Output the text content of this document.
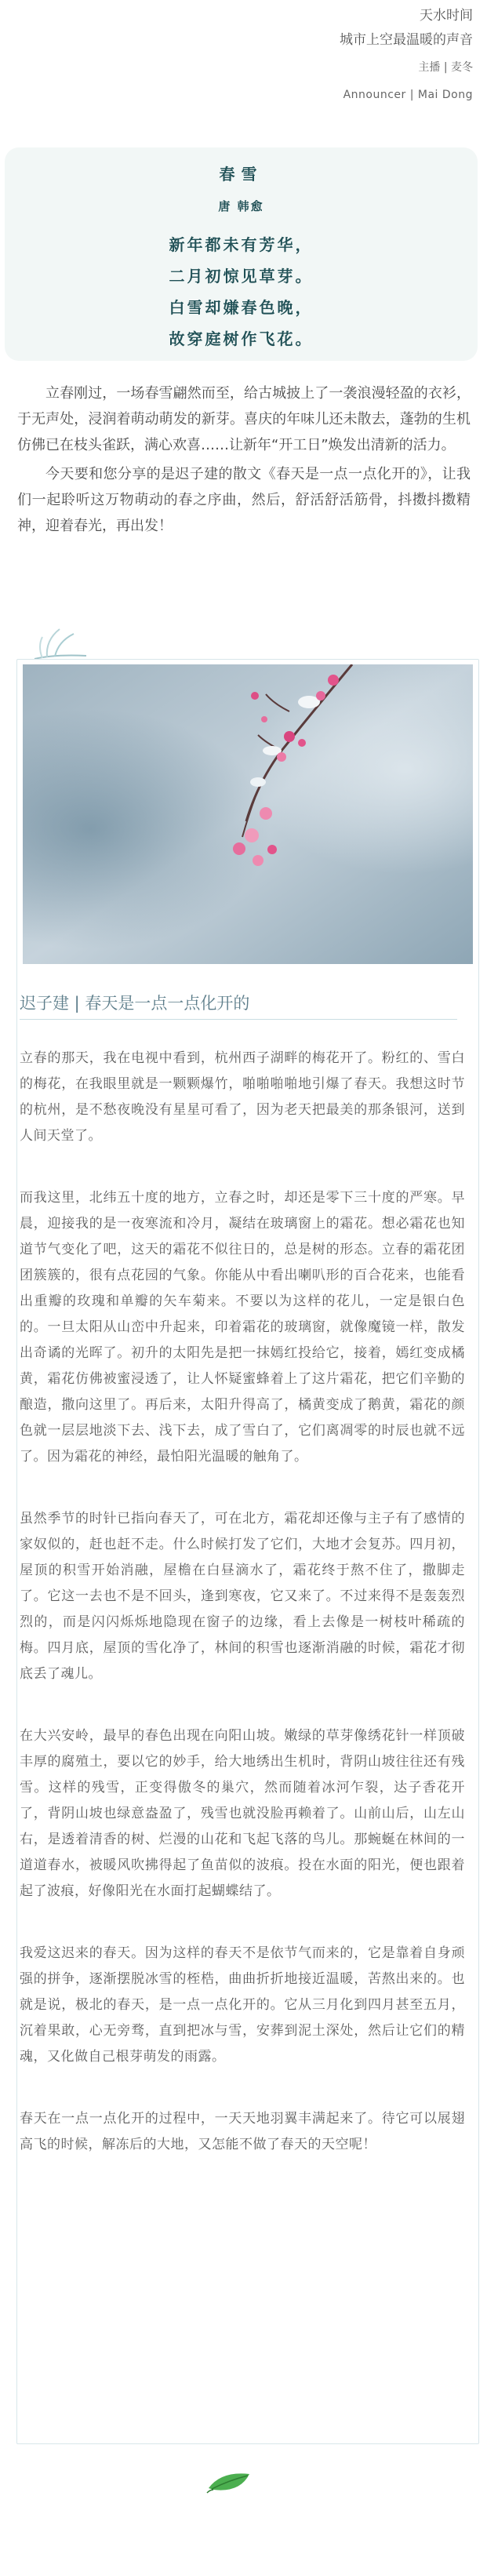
天水时间
城市上空最温暖的声音
主播 | 麦冬
Announcer | Mai Dong
春雪
唐 韩愈
新年都未有芳华，
二月初惊见草芽。
白雪却嫌春色晚，
故穿庭树作飞花。

立春刚过，一场春雪翩然而至，给古城披上了一袭浪漫轻盈的衣衫，于无声处，浸润着萌动萌发的新芽。喜庆的年味儿还未散去，蓬勃的生机仿佛已在枝头雀跃，满心欢喜……让新年“开工日”焕发出清新的活力。

今天要和您分享的是迟子建的散文《春天是一点一点化开的》，让我们一起聆听这万物萌动的春之序曲，然后，舒活舒活筋骨，抖擞抖擞精神，迎着春光，再出发！

迟子建 | 春天是一点一点化开的

立春的那天，我在电视中看到，杭州西子湖畔的梅花开了。粉红的、雪白的梅花，在我眼里就是一颗颗爆竹，啪啪啪啪地引爆了春天。我想这时节的杭州，是不愁夜晚没有星星可看了，因为老天把最美的那条银河，送到人间天堂了。

而我这里，北纬五十度的地方，立春之时，却还是零下三十度的严寒。早晨，迎接我的是一夜寒流和冷月，凝结在玻璃窗上的霜花。想必霜花也知道节气变化了吧，这天的霜花不似往日的，总是树的形态。立春的霜花团团簇簇的，很有点花园的气象。你能从中看出喇叭形的百合花来，也能看出重瓣的玫瑰和单瓣的矢车菊来。不要以为这样的花儿，一定是银白色的。一旦太阳从山峦中升起来，印着霜花的玻璃窗，就像魔镜一样，散发出奇谲的光晖了。初升的太阳先是把一抹嫣红投给它，接着，嫣红变成橘黄，霜花仿佛被蜜浸透了，让人怀疑蜜蜂着上了这片霜花，把它们辛勤的酿造，撒向这里了。再后来，太阳升得高了，橘黄变成了鹅黄，霜花的颜色就一层层地淡下去、浅下去，成了雪白了，它们离凋零的时辰也就不远了。因为霜花的神经，最怕阳光温暖的触角了。

虽然季节的时针已指向春天了，可在北方，霜花却还像与主子有了感情的家奴似的，赶也赶不走。什么时候打发了它们，大地才会复苏。四月初，屋顶的积雪开始消融，屋檐在白昼滴水了，霜花终于熬不住了，撒脚走了。它这一去也不是不回头，逢到寒夜，它又来了。不过来得不是轰轰烈烈的，而是闪闪烁烁地隐现在窗子的边缘，看上去像是一树枝叶稀疏的梅。四月底，屋顶的雪化净了，林间的积雪也逐渐消融的时候，霜花才彻底丢了魂儿。

在大兴安岭，最早的春色出现在向阳山坡。嫩绿的草芽像绣花针一样顶破丰厚的腐殖土，要以它的妙手，给大地绣出生机时，背阴山坡往往还有残雪。这样的残雪，正变得傲冬的巢穴，然而随着冰河乍裂，达子香花开了，背阴山坡也绿意盎盈了，残雪也就没脸再赖着了。山前山后，山左山右，是透着清香的树、烂漫的山花和飞起飞落的鸟儿。那蜿蜒在林间的一道道春水，被暖风吹拂得起了鱼苗似的波痕。投在水面的阳光，便也跟着起了波痕，好像阳光在水面打起蝴蝶结了。

我爱这迟来的春天。因为这样的春天不是依节气而来的，它是靠着自身顽强的拼争，逐渐摆脱冰雪的桎梏，曲曲折折地接近温暖，苦熬出来的。也就是说，极北的春天，是一点一点化开的。它从三月化到四月甚至五月，沉着果敢，心无旁骛，直到把冰与雪，安葬到泥土深处，然后让它们的精魂，又化做自己根芽萌发的雨露。

春天在一点一点化开的过程中，一天天地羽翼丰满起来了。待它可以展翅高飞的时候，解冻后的大地，又怎能不做了春天的天空呢！
